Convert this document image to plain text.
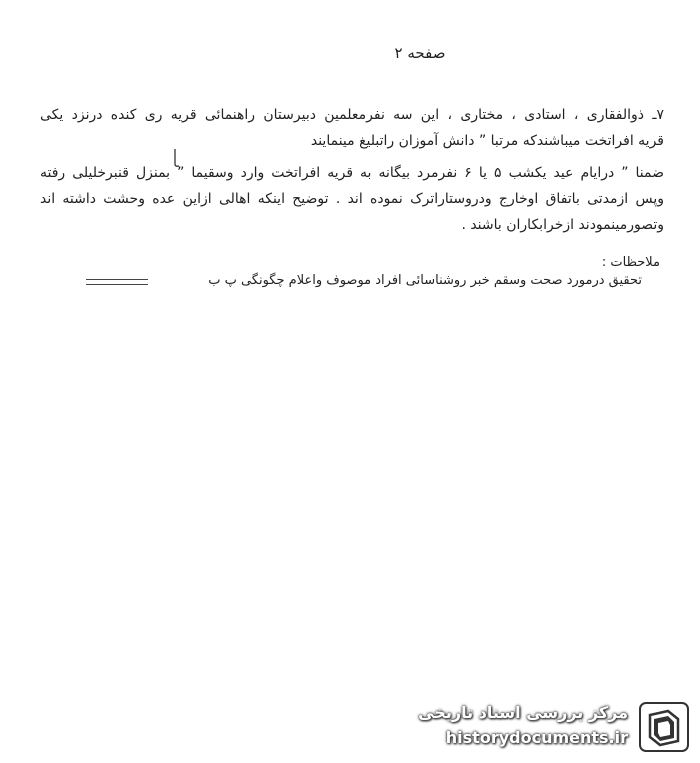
صفحه ۲
۷ـ ذوالفقاری ، استادی ، مختاری ، این سه نفرمعلمین دبیرستان راهنمائی قریه ری کنده درنزد یکی
قریه افراتخت میباشندکه مرتبا ” دانش آموزان راتبلیغ مینمایند
ضمنا ” درایام عید یکشب ۵ یا ۶ نفرمرد بیگانه به قریه افراتخت وارد وسقیما ” بمنزل قنبرخلیلی رفته
وپس ازمدتی باتفاق اوخارج ودروستاراترک نموده اند . توضیح اینکه اهالی ازاین عده وحشت داشته اند
وتصورمینمودند ازخرابکاران باشند .
ملاحظات :
تحقیق درمورد صحت وسقم خبر روشناسائی افراد موصوف واعلام چگونگی پ ب
مرکز بررسی اسناد تاریخی
historydocuments.ir
